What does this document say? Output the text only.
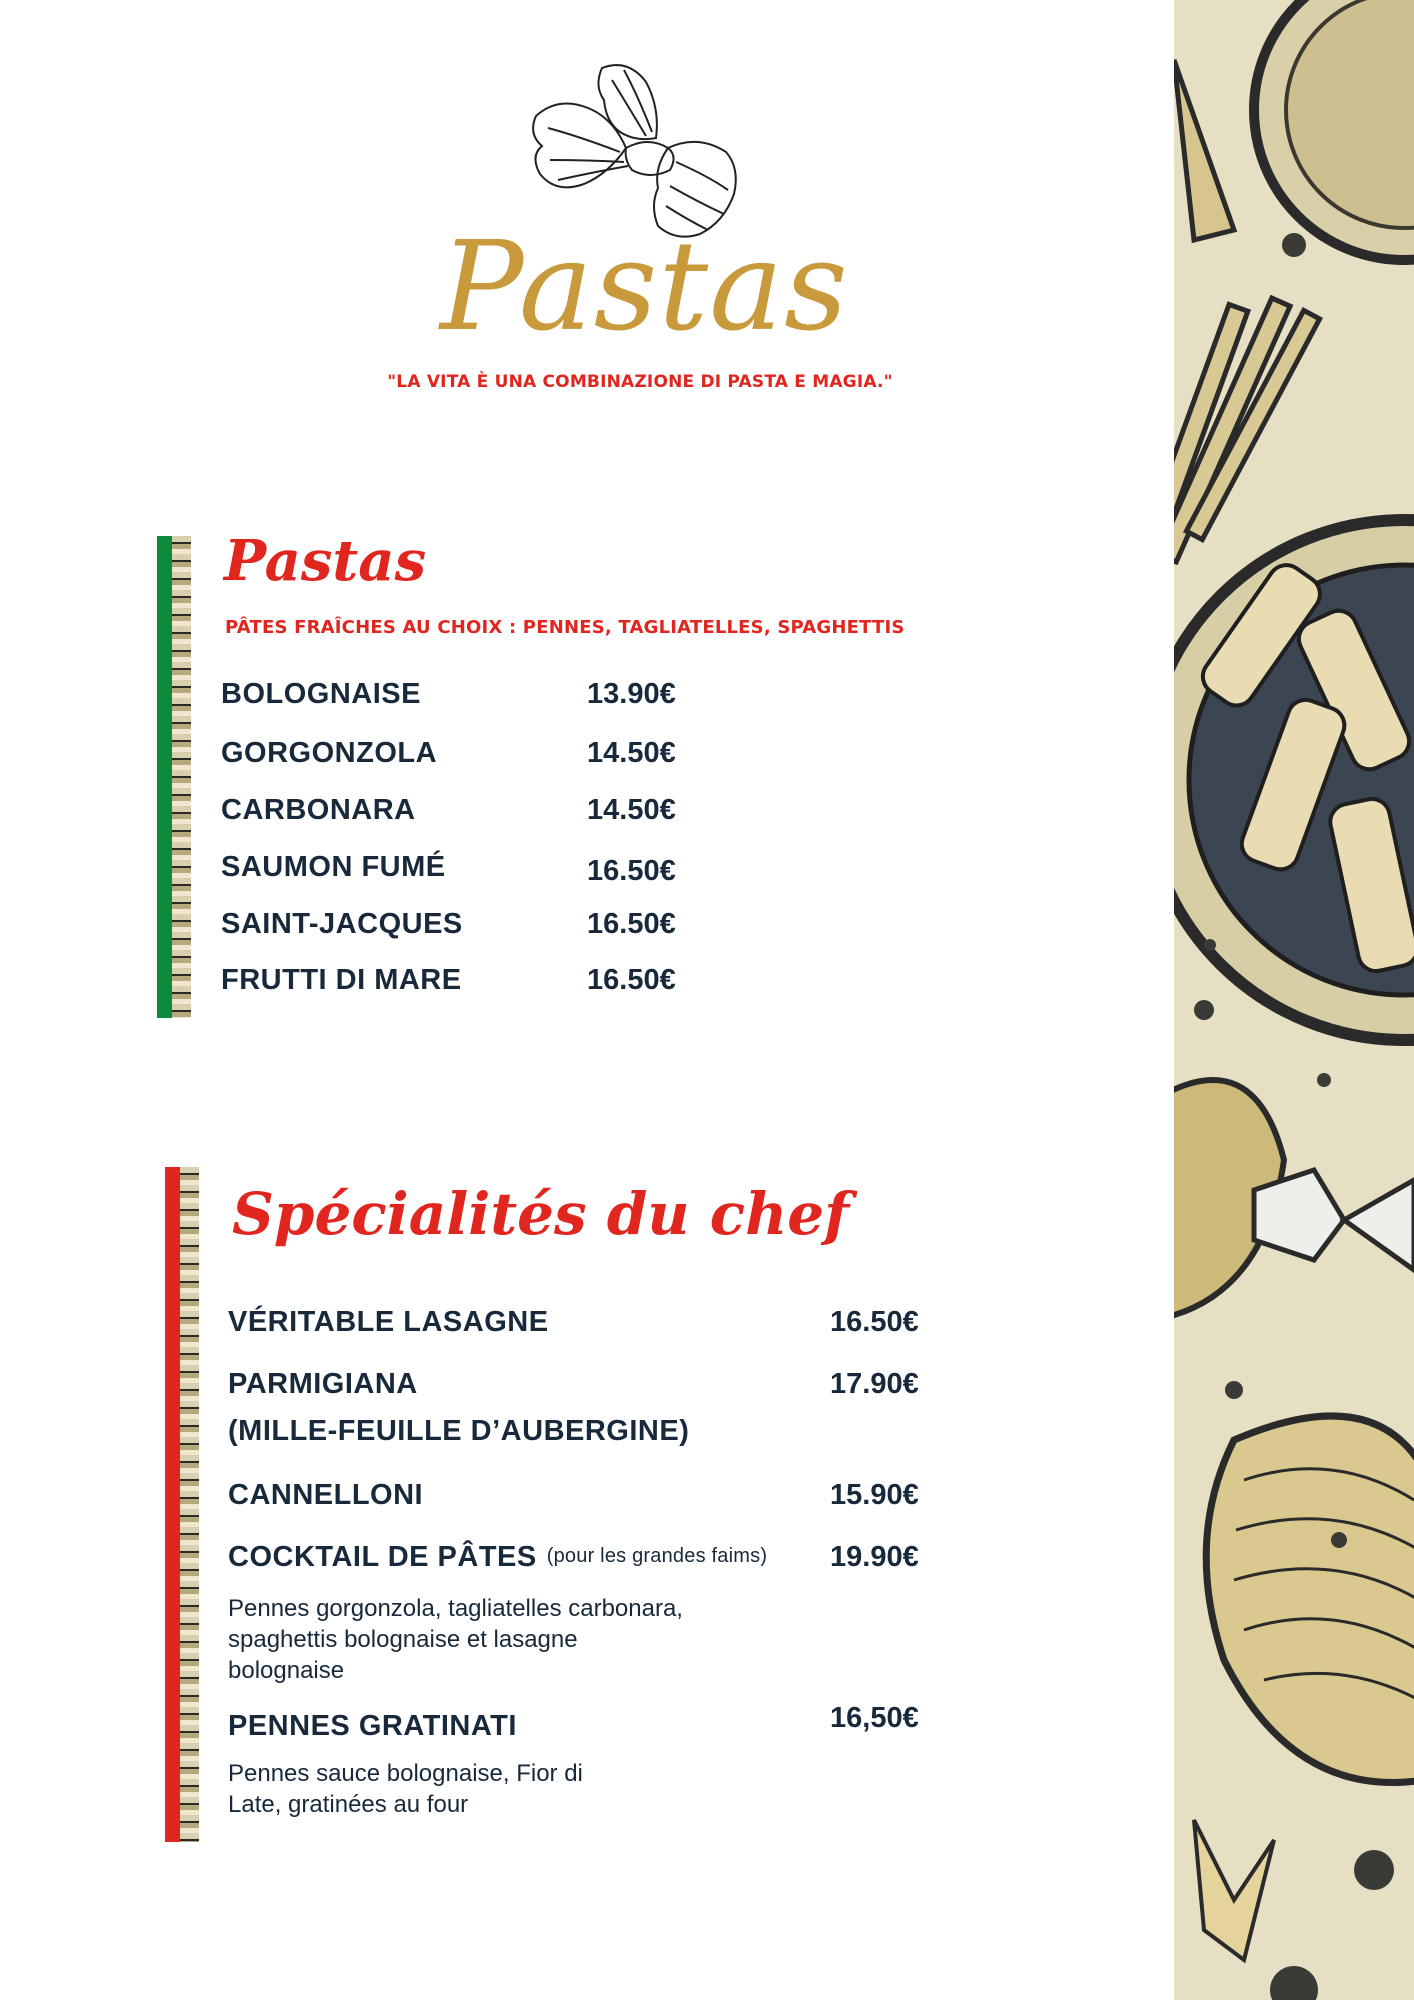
Pastas
"LA VITA È UNA COMBINAZIONE DI PASTA E MAGIA."
Pastas
PÂTES FRAÎCHES AU CHOIX : PENNES, TAGLIATELLES, SPAGHETTIS
BOLOGNAISE	13.90€
GORGONZOLA	14.50€
CARBONARA	14.50€
SAUMON FUMÉ	16.50€
SAINT-JACQUES	16.50€
FRUTTI DI MARE	16.50€
Spécialités du chef
VÉRITABLE LASAGNE	16.50€
PARMIGIANA	17.90€
(MILLE-FEUILLE D’AUBERGINE)
CANNELLONI	15.90€
COCKTAIL DE PÂTES (pour les grandes faims) 19.90€
Pennes gorgonzola, tagliatelles carbonara,
spaghettis bolognaise et lasagne
bolognaise
PENNES GRATINATI	16,50€
Pennes sauce bolognaise, Fior di
Late, gratinées au four
